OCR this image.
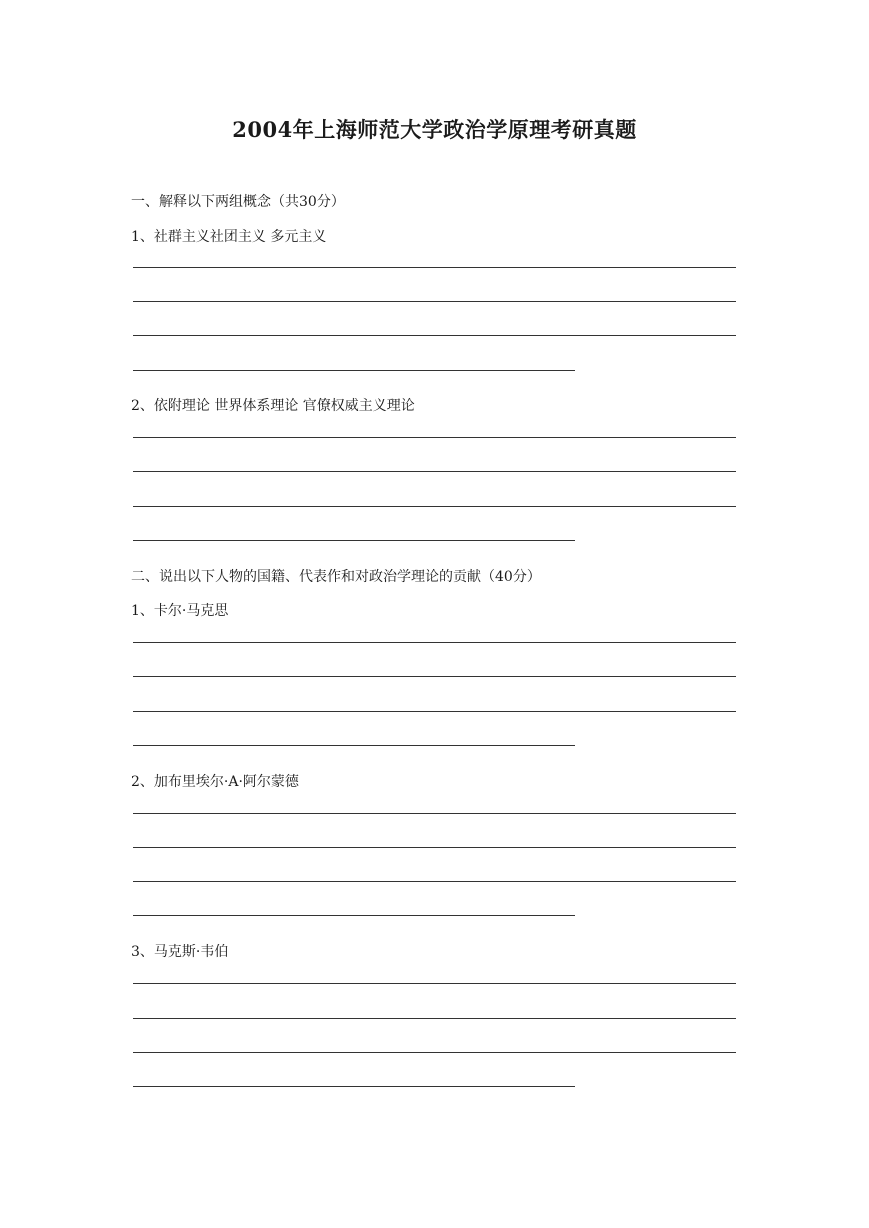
2004年上海师范大学政治学原理考研真题
一、解释以下两组概念（共30分）
1、社群主义社团主义 多元主义
2、依附理论 世界体系理论 官僚权威主义理论
二、说出以下人物的国籍、代表作和对政治学理论的贡献（40分）
1、卡尔·马克思
2、加布里埃尔·A·阿尔蒙德
3、马克斯·韦伯
